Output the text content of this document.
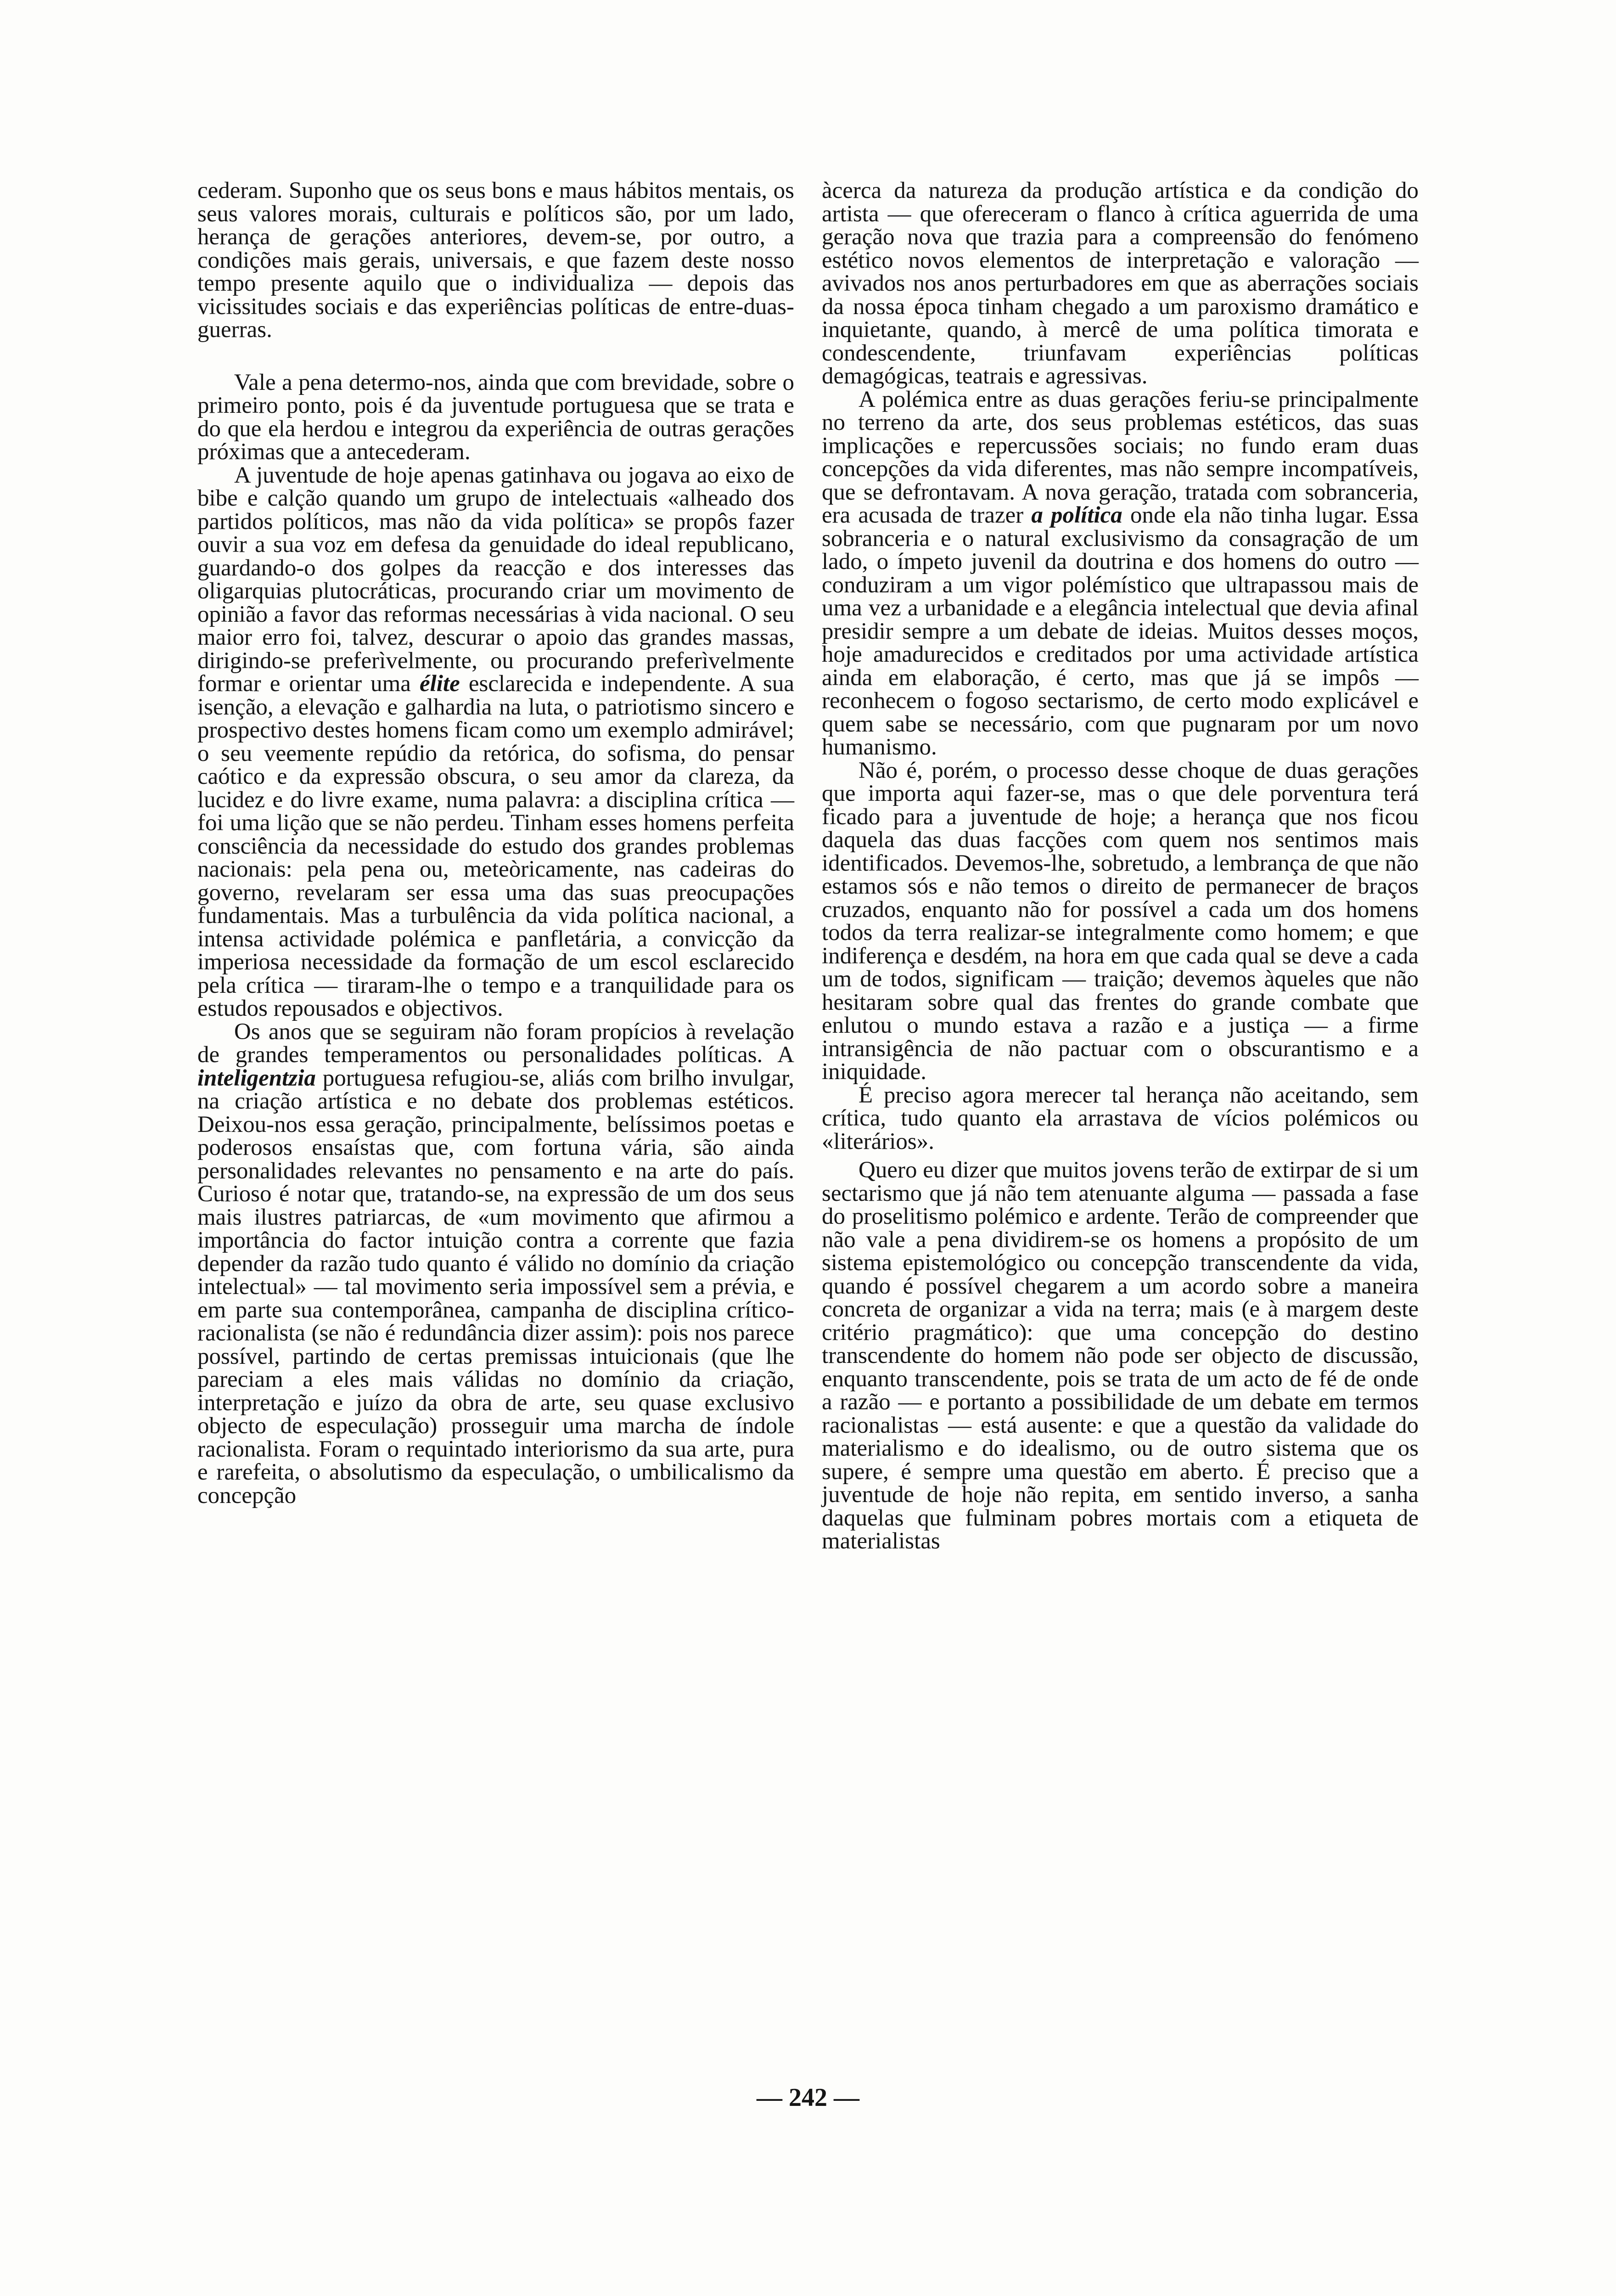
cederam. Suponho que os seus bons e maus hábitos mentais, os seus valores morais, culturais e políticos são, por um lado, herança de gerações anteriores, devem-se, por outro, a condições mais gerais, universais, e que fazem deste nosso tempo presente aquilo que o individualiza — depois das vicissitudes sociais e das experiências políticas de entre-duas-guerras.

Vale a pena determo-nos, ainda que com brevidade, sobre o primeiro ponto, pois é da juventude portuguesa que se trata e do que ela herdou e integrou da experiência de outras gerações próximas que a antecederam.

A juventude de hoje apenas gatinhava ou jogava ao eixo de bibe e calção quando um grupo de intelectuais «alheado dos partidos políticos, mas não da vida política» se propôs fazer ouvir a sua voz em defesa da genuidade do ideal republicano, guardando-o dos golpes da reacção e dos interesses das oligarquias plutocráticas, procurando criar um movimento de opinião a favor das reformas necessárias à vida nacional. O seu maior erro foi, talvez, descurar o apoio das grandes massas, dirigindo-se preferìvelmente, ou procurando preferìvelmente formar e orientar uma élite esclarecida e independente. A sua isenção, a elevação e galhardia na luta, o patriotismo sincero e prospectivo destes homens ficam como um exemplo admirável; o seu veemente repúdio da retórica, do sofisma, do pensar caótico e da expressão obscura, o seu amor da clareza, da lucidez e do livre exame, numa palavra: a disciplina crítica — foi uma lição que se não perdeu. Tinham esses homens perfeita consciência da necessidade do estudo dos grandes problemas nacionais: pela pena ou, meteòricamente, nas cadeiras do governo, revelaram ser essa uma das suas preocupações fundamentais. Mas a turbulência da vida política nacional, a intensa actividade polémica e panfletária, a convicção da imperiosa necessidade da formação de um escol esclarecido pela crítica — tiraram-lhe o tempo e a tranquilidade para os estudos repousados e objectivos.

Os anos que se seguiram não foram propícios à revelação de grandes temperamentos ou personalidades políticas. A inteligentzia portuguesa refugiou-se, aliás com brilho invulgar, na criação artística e no debate dos problemas estéticos. Deixou-nos essa geração, principalmente, belíssimos poetas e poderosos ensaístas que, com fortuna vária, são ainda personalidades relevantes no pensamento e na arte do país. Curioso é notar que, tratando-se, na expressão de um dos seus mais ilustres patriarcas, de «um movimento que afirmou a importância do factor intuição contra a corrente que fazia depender da razão tudo quanto é válido no domínio da criação intelectual» — tal movimento seria impossível sem a prévia, e em parte sua contemporânea, campanha de disciplina crítico-racionalista (se não é redundância dizer assim): pois nos parece possível, partindo de certas premissas intuicionais (que lhe pareciam a eles mais válidas no domínio da criação, interpretação e juízo da obra de arte, seu quase exclusivo objecto de especulação) prosseguir uma marcha de índole racionalista. Foram o requintado interiorismo da sua arte, pura e rarefeita, o absolutismo da especulação, o umbilicalismo da concepção

àcerca da natureza da produção artística e da condição do artista — que ofereceram o flanco à crítica aguerrida de uma geração nova que trazia para a compreensão do fenómeno estético novos elementos de interpretação e valoração — avivados nos anos perturbadores em que as aberrações sociais da nossa época tinham chegado a um paroxismo dramático e inquietante, quando, à mercê de uma política timorata e condescendente, triunfavam experiências políticas demagógicas, teatrais e agressivas.

A polémica entre as duas gerações feriu-se principalmente no terreno da arte, dos seus problemas estéticos, das suas implicações e repercussões sociais; no fundo eram duas concepções da vida diferentes, mas não sempre incompatíveis, que se defrontavam. A nova geração, tratada com sobranceria, era acusada de trazer a política onde ela não tinha lugar. Essa sobranceria e o natural exclusivismo da consagração de um lado, o ímpeto juvenil da doutrina e dos homens do outro — conduziram a um vigor polémístico que ultrapassou mais de uma vez a urbanidade e a elegância intelectual que devia afinal presidir sempre a um debate de ideias. Muitos desses moços, hoje amadurecidos e creditados por uma actividade artística ainda em elaboração, é certo, mas que já se impôs — reconhecem o fogoso sectarismo, de certo modo explicável e quem sabe se necessário, com que pugnaram por um novo humanismo.

Não é, porém, o processo desse choque de duas gerações que importa aqui fazer-se, mas o que dele porventura terá ficado para a juventude de hoje; a herança que nos ficou daquela das duas facções com quem nos sentimos mais identificados. Devemos-lhe, sobretudo, a lembrança de que não estamos sós e não temos o direito de permanecer de braços cruzados, enquanto não for possível a cada um dos homens todos da terra realizar-se integralmente como homem; e que indiferença e desdém, na hora em que cada qual se deve a cada um de todos, significam — traição; devemos àqueles que não hesitaram sobre qual das frentes do grande combate que enlutou o mundo estava a razão e a justiça — a firme intransigência de não pactuar com o obscurantismo e a iniquidade.

É preciso agora merecer tal herança não aceitando, sem crítica, tudo quanto ela arrastava de vícios polémicos ou «literários».

Quero eu dizer que muitos jovens terão de extirpar de si um sectarismo que já não tem atenuante alguma — passada a fase do proselitismo polémico e ardente. Terão de compreender que não vale a pena dividirem-se os homens a propósito de um sistema epistemológico ou concepção transcendente da vida, quando é possível chegarem a um acordo sobre a maneira concreta de organizar a vida na terra; mais (e à margem deste critério pragmático): que uma concepção do destino transcendente do homem não pode ser objecto de discussão, enquanto transcendente, pois se trata de um acto de fé de onde a razão — e portanto a possibilidade de um debate em termos racionalistas — está ausente: e que a questão da validade do materialismo e do idealismo, ou de outro sistema que os supere, é sempre uma questão em aberto. É preciso que a juventude de hoje não repita, em sentido inverso, a sanha daquelas que fulminam pobres mortais com a etiqueta de materialistas

— 242 —
